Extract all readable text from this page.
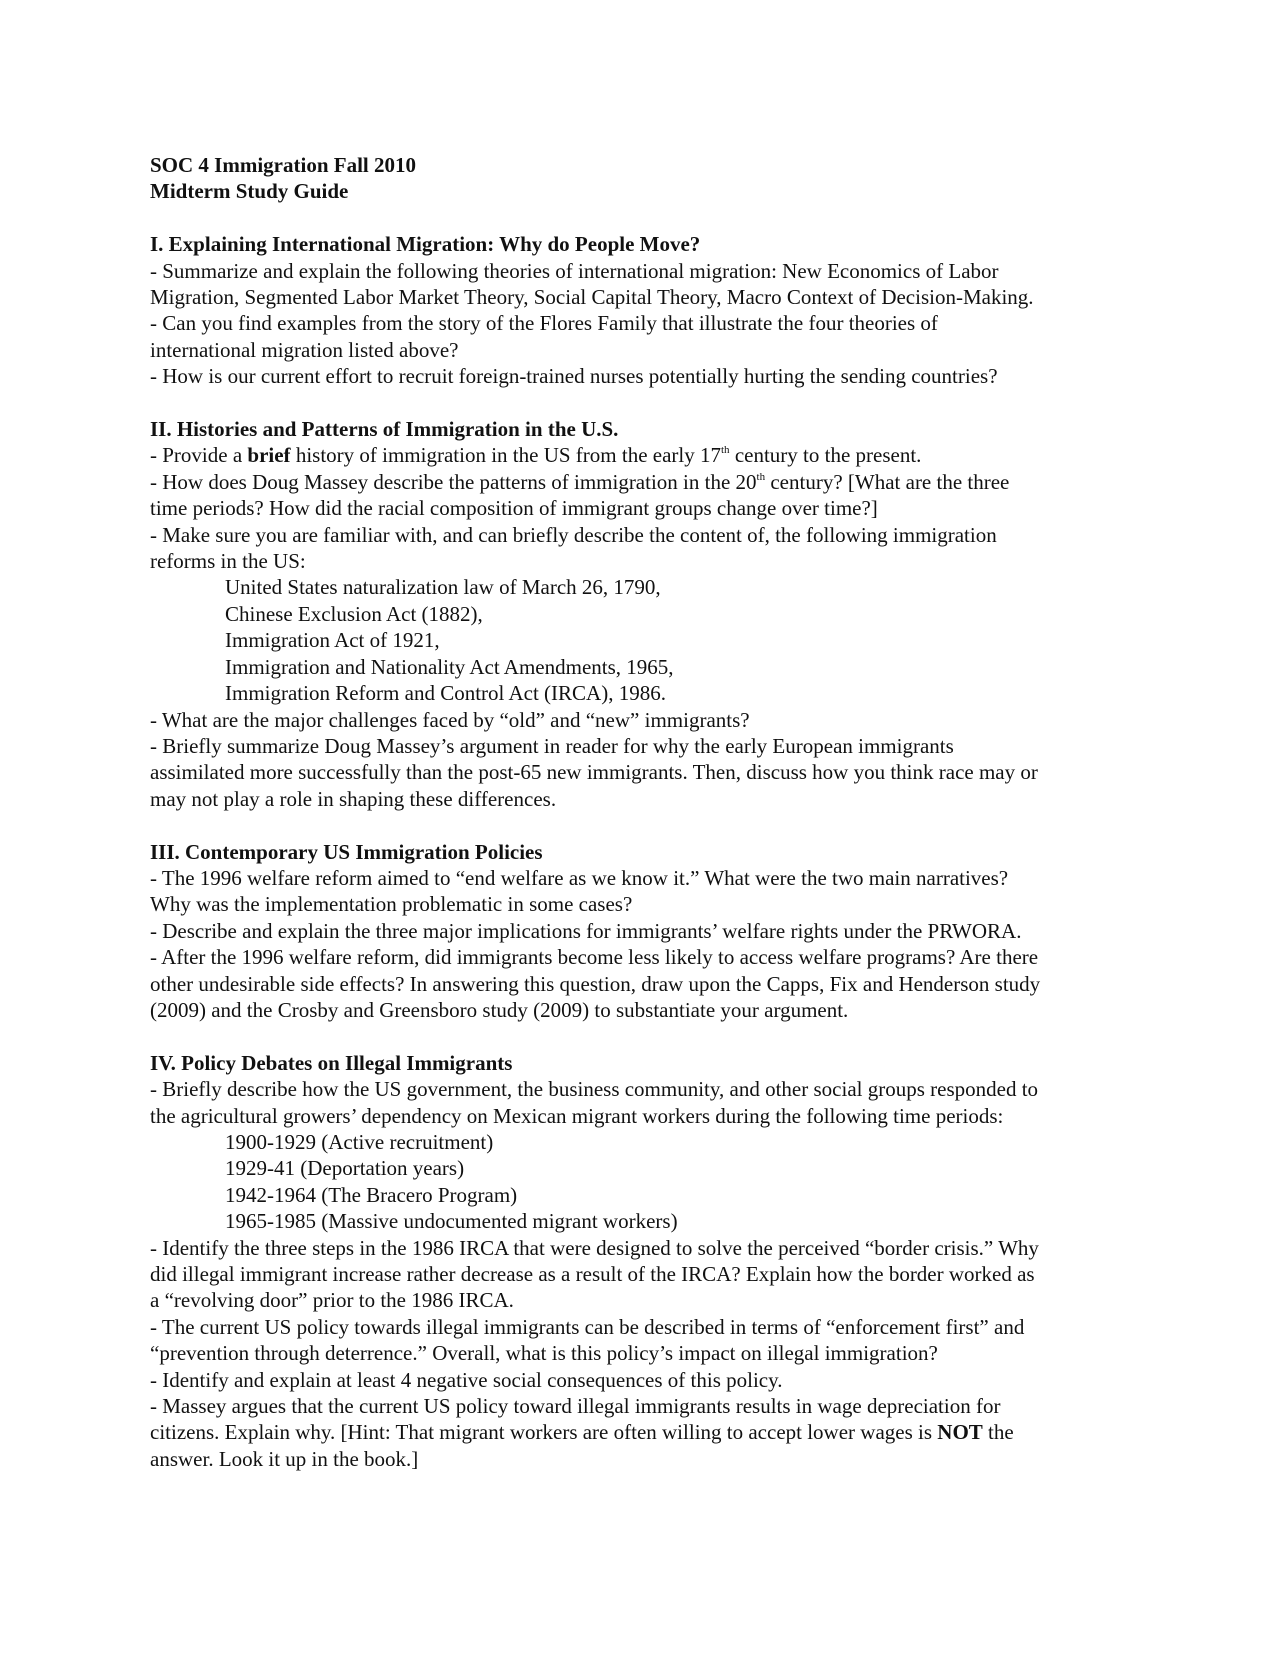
SOC 4 Immigration Fall 2010
Midterm Study Guide
I. Explaining International Migration: Why do People Move?
- Summarize and explain the following theories of international migration: New Economics of Labor
Migration, Segmented Labor Market Theory, Social Capital Theory, Macro Context of Decision-Making.
- Can you find examples from the story of the Flores Family that illustrate the four theories of
international migration listed above?
- How is our current effort to recruit foreign-trained nurses potentially hurting the sending countries?
II. Histories and Patterns of Immigration in the U.S.
- Provide a brief history of immigration in the US from the early 17th century to the present.
- How does Doug Massey describe the patterns of immigration in the 20th century? [What are the three
time periods? How did the racial composition of immigrant groups change over time?]
- Make sure you are familiar with, and can briefly describe the content of, the following immigration
reforms in the US:
United States naturalization law of March 26, 1790,
Chinese Exclusion Act (1882),
Immigration Act of 1921,
Immigration and Nationality Act Amendments, 1965,
Immigration Reform and Control Act (IRCA), 1986.
- What are the major challenges faced by “old” and “new” immigrants?
- Briefly summarize Doug Massey’s argument in reader for why the early European immigrants
assimilated more successfully than the post-65 new immigrants. Then, discuss how you think race may or
may not play a role in shaping these differences.
III. Contemporary US Immigration Policies
- The 1996 welfare reform aimed to “end welfare as we know it.” What were the two main narratives?
Why was the implementation problematic in some cases?
- Describe and explain the three major implications for immigrants’ welfare rights under the PRWORA.
- After the 1996 welfare reform, did immigrants become less likely to access welfare programs? Are there
other undesirable side effects? In answering this question, draw upon the Capps, Fix and Henderson study
(2009) and the Crosby and Greensboro study (2009) to substantiate your argument.
IV. Policy Debates on Illegal Immigrants
- Briefly describe how the US government, the business community, and other social groups responded to
the agricultural growers’ dependency on Mexican migrant workers during the following time periods:
1900-1929 (Active recruitment)
1929-41 (Deportation years)
1942-1964 (The Bracero Program)
1965-1985 (Massive undocumented migrant workers)
- Identify the three steps in the 1986 IRCA that were designed to solve the perceived “border crisis.” Why
did illegal immigrant increase rather decrease as a result of the IRCA? Explain how the border worked as
a “revolving door” prior to the 1986 IRCA.
- The current US policy towards illegal immigrants can be described in terms of “enforcement first” and
“prevention through deterrence.” Overall, what is this policy’s impact on illegal immigration?
- Identify and explain at least 4 negative social consequences of this policy.
- Massey argues that the current US policy toward illegal immigrants results in wage depreciation for
citizens. Explain why. [Hint: That migrant workers are often willing to accept lower wages is NOT the
answer. Look it up in the book.]
